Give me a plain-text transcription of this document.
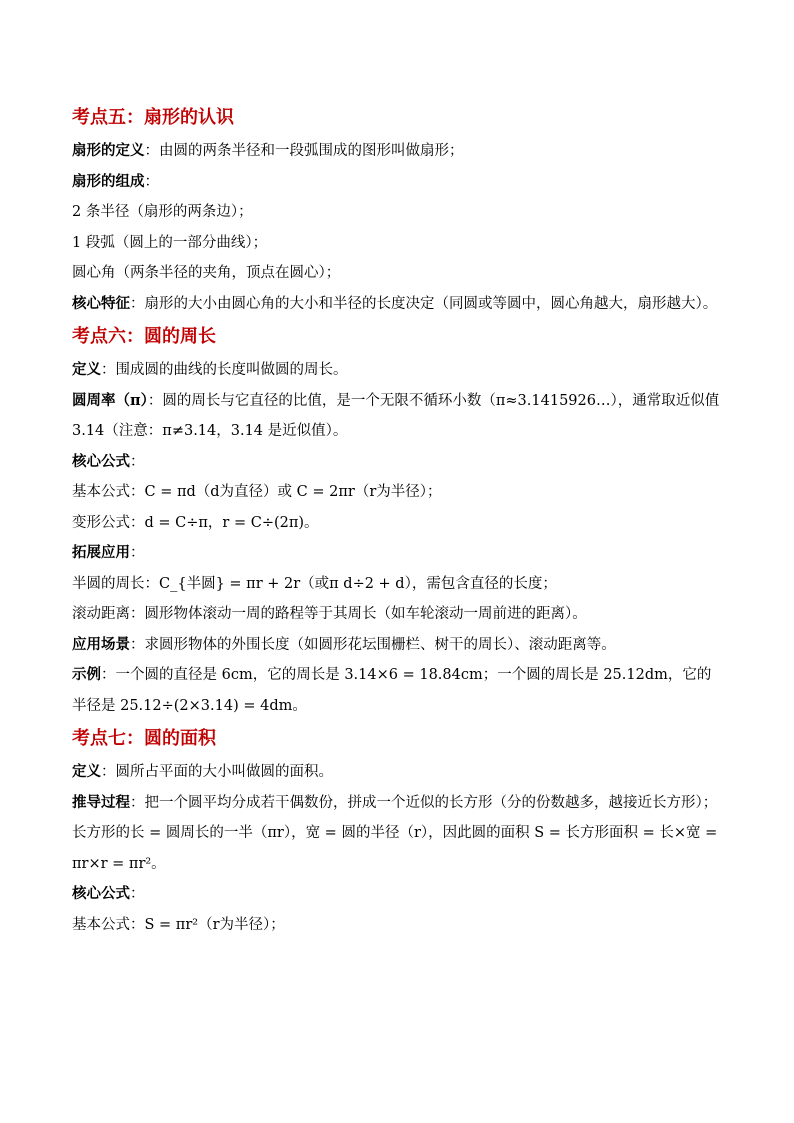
考点五：扇形的认识

扇形的定义：由圆的两条半径和一段弧围成的图形叫做扇形；

扇形的组成：

2 条半径（扇形的两条边）；

1 段弧（圆上的一部分曲线）；

圆心角（两条半径的夹角，顶点在圆心）；

核心特征：扇形的大小由圆心角的大小和半径的长度决定（同圆或等圆中，圆心角越大，扇形越大）。

考点六：圆的周长

定义：围成圆的曲线的长度叫做圆的周长。

圆周率（π）：圆的周长与它直径的比值，是一个无限不循环小数（π≈3.1415926…），通常取近似值 3.14（注意：π≠3.14，3.14 是近似值）。

核心公式：

基本公式：C = πd（d为直径）或 C = 2πr（r为半径）；

变形公式：d = C÷π，r = C÷(2π)。

拓展应用：

半圆的周长：C_{半圆} = πr + 2r（或π d÷2 + d），需包含直径的长度；

滚动距离：圆形物体滚动一周的路程等于其周长（如车轮滚动一周前进的距离）。

应用场景：求圆形物体的外围长度（如圆形花坛围栅栏、树干的周长）、滚动距离等。

示例：一个圆的直径是 6cm，它的周长是 3.14×6 = 18.84cm；一个圆的周长是 25.12dm，它的半径是 25.12÷(2×3.14) = 4dm。

考点七：圆的面积

定义：圆所占平面的大小叫做圆的面积。

推导过程：把一个圆平均分成若干偶数份，拼成一个近似的长方形（分的份数越多，越接近长方形）；长方形的长 = 圆周长的一半（πr），宽 = 圆的半径（r），因此圆的面积 S = 长方形面积 = 长×宽 = πr×r = πr²。

核心公式：

基本公式：S = πr²（r为半径）；
